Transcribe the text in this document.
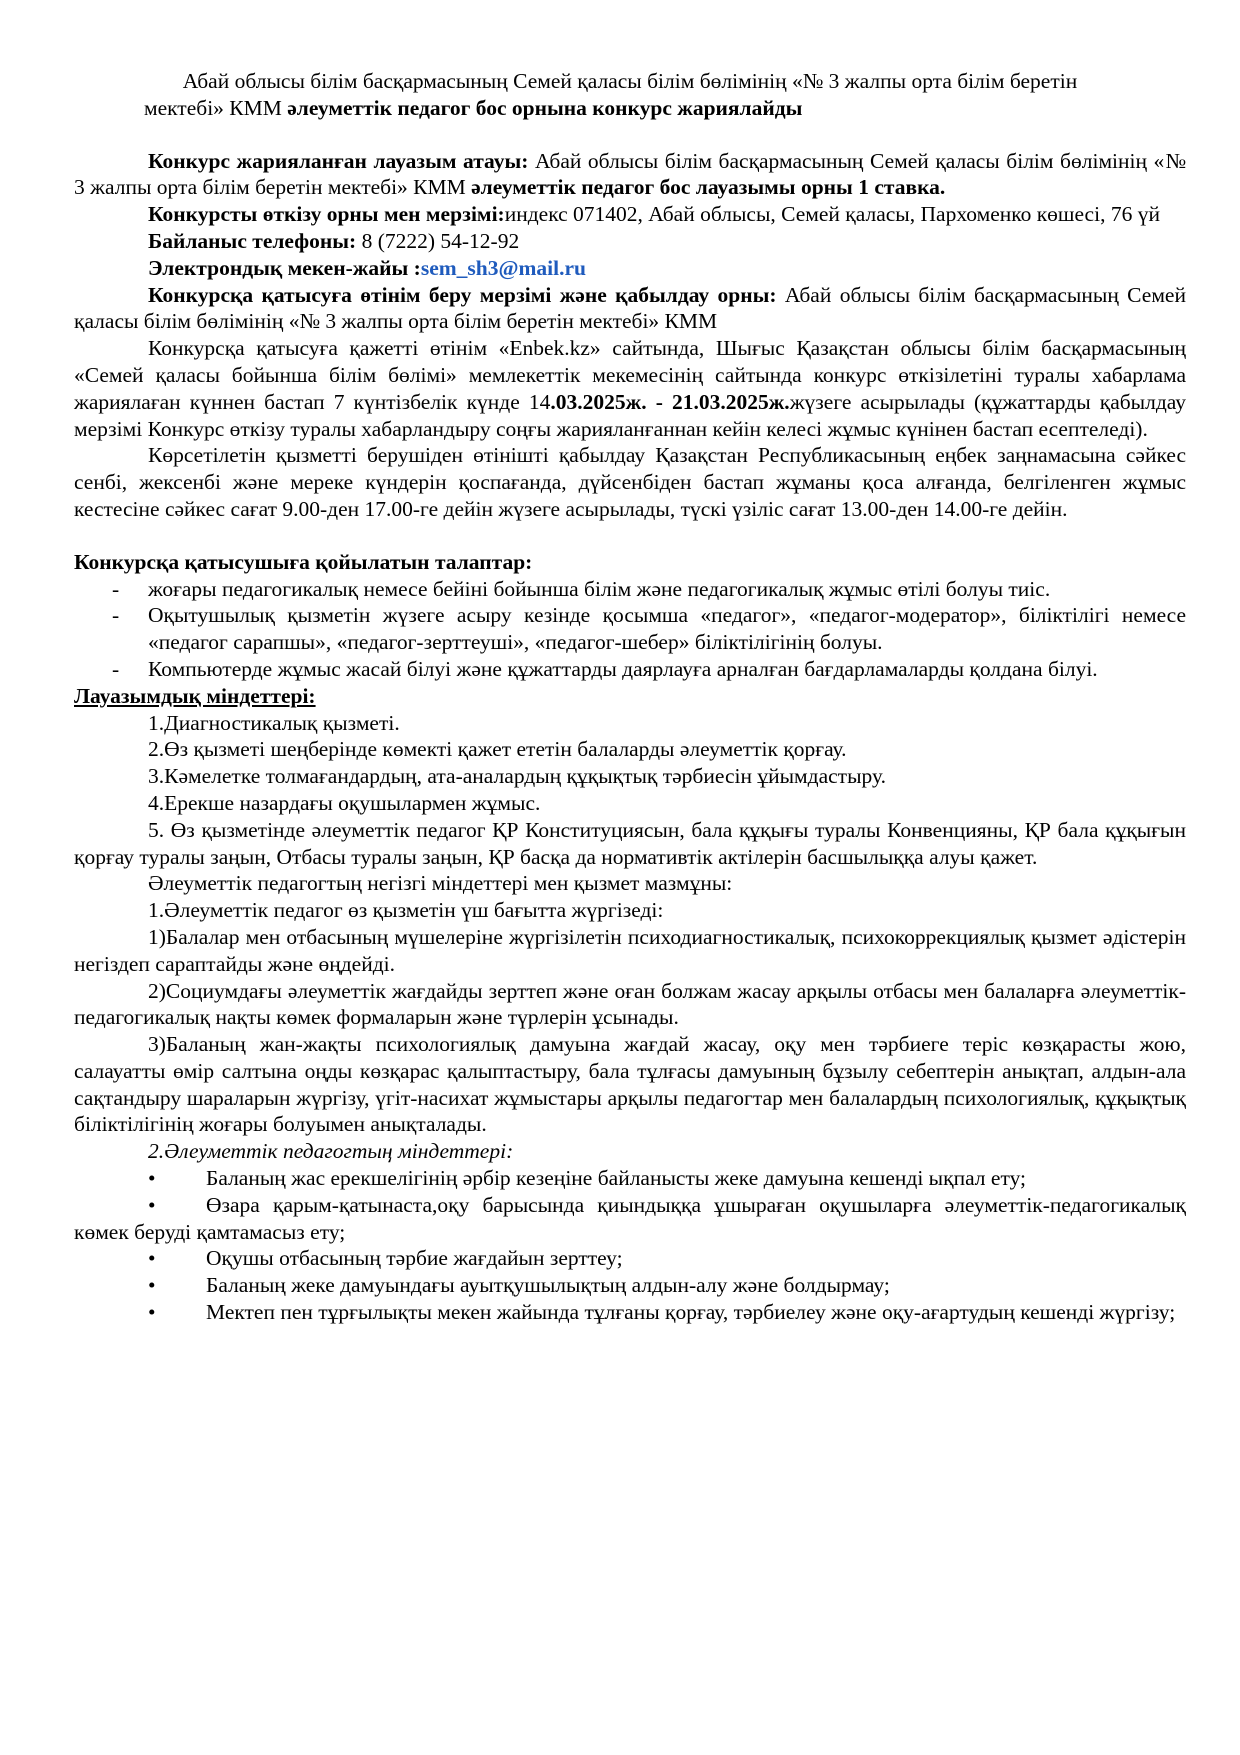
Абай облысы білім басқармасының Семей қаласы білім бөлімінің «№ 3 жалпы орта білім беретін

мектебі» КММ әлеуметтік педагог бос орнына конкурс жариялайды

Конкурс жарияланған лауазым атауы: Абай облысы білім басқармасының Семей қаласы білім бөлімінің «№ 3 жалпы орта білім беретін мектебі» КММ әлеуметтік педагог бос лауазымы орны 1 ставка.

Конкурсты өткізу орны мен мерзімі:индекс 071402, Абай облысы, Семей қаласы, Пархоменко көшесі, 76 үй

Байланыс телефоны: 8 (7222) 54-12-92

Электрондық мекен-жайы :sem_sh3@mail.ru

Конкурсқа қатысуға өтінім беру мерзімі және қабылдау орны: Абай облысы білім басқармасының Семей қаласы білім бөлімінің «№ 3 жалпы орта білім беретін мектебі» КММ

Конкурсқа қатысуға қажетті өтінім «Enbek.kz» сайтында, Шығыс Қазақстан облысы білім басқармасының «Семей қаласы бойынша білім бөлімі» мемлекеттік мекемесінің сайтында конкурс өткізілетіні туралы хабарлама жариялаған күннен бастап 7 күнтізбелік күнде 14.03.2025ж. - 21.03.2025ж.жүзеге асырылады (құжаттарды қабылдау мерзімі Конкурс өткізу туралы хабарландыру соңғы жарияланғаннан кейін келесі жұмыс күнінен бастап есептеледі).

Көрсетілетін қызметті берушіден өтінішті қабылдау Қазақстан Республикасының еңбек заңнамасына сәйкес сенбі, жексенбі және мереке күндерін қоспағанда, дүйсенбіден бастап жұманы қоса алғанда, белгіленген жұмыс кестесіне сәйкес сағат 9.00-ден 17.00-ге дейін жүзеге асырылады, түскі үзіліс сағат 13.00-ден 14.00-ге дейін.

Конкурсқа қатысушыға қойылатын талаптар:

-	жоғары педагогикалық немесе бейіні бойынша білім және педагогикалық жұмыс өтілі болуы тиіс.
-	Оқытушылық қызметін жүзеге асыру кезінде қосымша «педагог», «педагог-модератор», біліктілігі немесе «педагог сарапшы», «педагог-зерттеуші», «педагог-шебер» біліктілігінің болуы.
-	Компьютерде жұмыс жасай білуі және құжаттарды даярлауға арналған бағдарламаларды қолдана білуі.

Лауазымдық міндеттері:

1.Диагностикалық қызметі.

2.Өз қызметі шеңберінде көмекті қажет ететін балаларды әлеуметтік қорғау.

3.Кәмелетке толмағандардың, ата-аналардың құқықтық тәрбиесін ұйымдастыру.

4.Ерекше назардағы оқушылармен жұмыс.

5. Өз қызметінде әлеуметтік педагог ҚР Конституциясын, бала құқығы туралы Конвенцияны, ҚР бала құқығын қорғау туралы заңын, Отбасы туралы заңын, ҚР басқа да нормативтік актілерін басшылыққа алуы қажет.

Әлеуметтік педагогтың негізгі міндеттері мен қызмет мазмұны:

1.Әлеуметтік педагог өз қызметін үш бағытта жүргізеді:

1)Балалар мен отбасының мүшелеріне жүргізілетін психодиагностикалық, психокоррекциялық қызмет әдістерін негіздеп сараптайды және өңдейді.

2)Социумдағы әлеуметтік жағдайды зерттеп және оған болжам жасау арқылы отбасы мен балаларға әлеуметтік- педагогикалық нақты көмек формаларын және түрлерін ұсынады.

3)Баланың жан-жақты психологиялық дамуына жағдай жасау, оқу мен тәрбиеге теріс көзқарасты жою, салауатты өмір салтына оңды көзқарас қалыптастыру, бала тұлғасы дамуының бұзылу себептерін анықтап, алдын-ала сақтандыру шараларын жүргізу, үгіт-насихат жұмыстары арқылы педагогтар мен балалардың психологиялық, құқықтық біліктілігінің жоғары болуымен анықталады.

2.Әлеуметтік педагогтың міндеттері:

• Баланың жас ерекшелігінің әрбір кезеңіне байланысты жеке дамуына кешенді ықпал ету;

• Өзара қарым-қатынаста,оқу барысында қиындыққа ұшыраған оқушыларға әлеуметтік-педагогикалық көмек беруді қамтамасыз ету;

• Оқушы отбасының тәрбие жағдайын зерттеу;

• Баланың жеке дамуындағы ауытқушылықтың алдын-алу және болдырмау;

• Мектеп пен тұрғылықты мекен жайында тұлғаны қорғау, тәрбиелеу және оқу-ағартудың кешенді жүргізу;
